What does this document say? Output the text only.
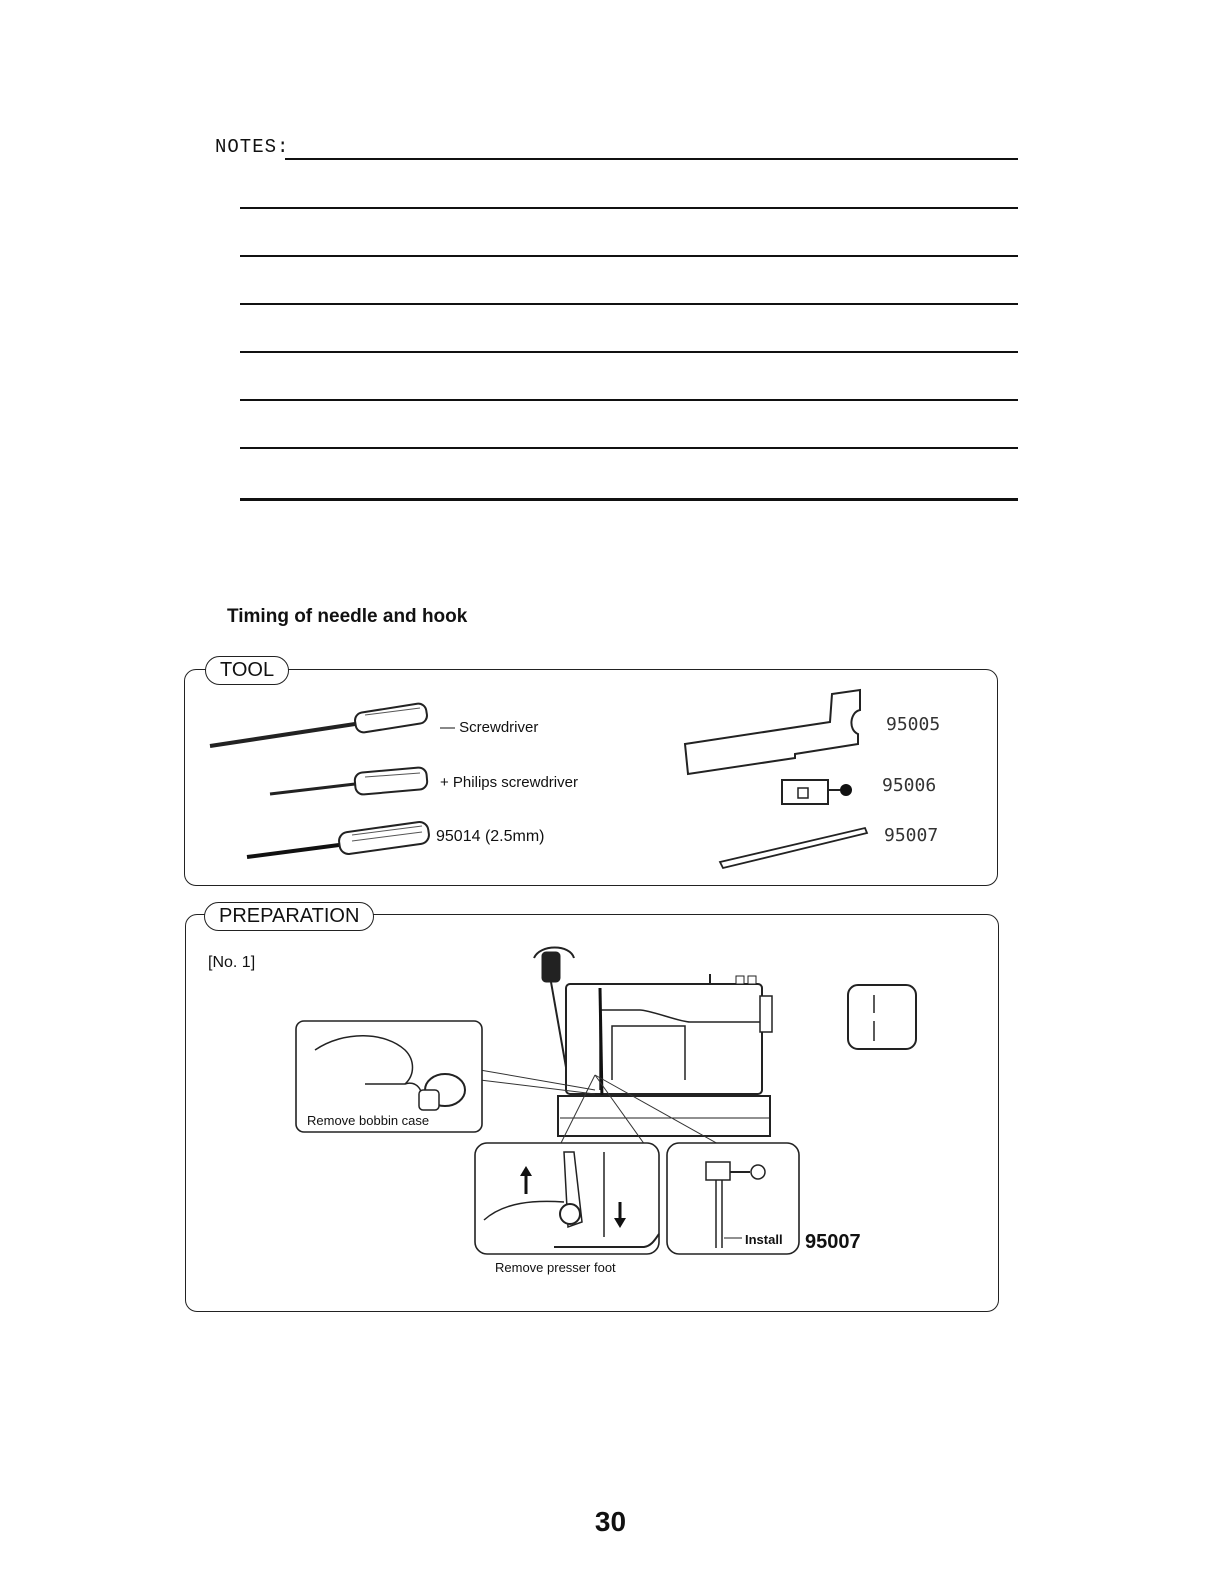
NOTES:
Timing of needle and hook
TOOL
— Screwdriver
+ Philips screwdriver
95014 (2.5mm)
95005
95006
95007
PREPARATION
[No. 1]
Remove bobbin case
Remove presser foot
Install 95007
30
